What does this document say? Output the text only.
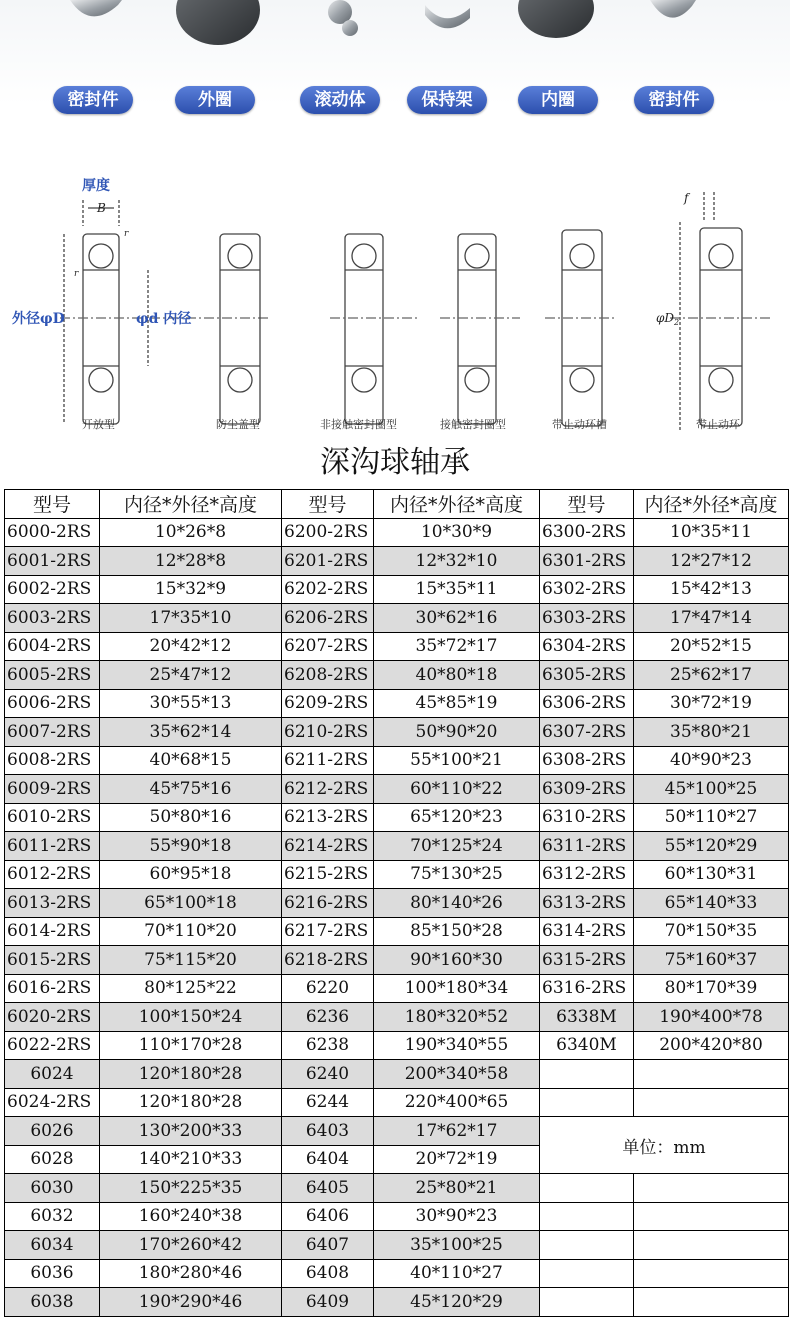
密封件	外圈	滚动体	保持架	内圈	密封件
厚度
B
r
r
外径φD	φd 内径	$\varphi D_2$
f
开放型	防尘盖型	非接触密封圈型	接触密封圈型	带止动环槽	带止动环
深沟球轴承
型号	内径*外径*高度	型号	内径*外径*高度	型号	内径*外径*高度
6000-2RS	10*26*8	6200-2RS	10*30*9	6300-2RS	10*35*11
6001-2RS	12*28*8	6201-2RS	12*32*10	6301-2RS	12*27*12
6002-2RS	15*32*9	6202-2RS	15*35*11	6302-2RS	15*42*13
6003-2RS	17*35*10	6206-2RS	30*62*16	6303-2RS	17*47*14
6004-2RS	20*42*12	6207-2RS	35*72*17	6304-2RS	20*52*15
6005-2RS	25*47*12	6208-2RS	40*80*18	6305-2RS	25*62*17
6006-2RS	30*55*13	6209-2RS	45*85*19	6306-2RS	30*72*19
6007-2RS	35*62*14	6210-2RS	50*90*20	6307-2RS	35*80*21
6008-2RS	40*68*15	6211-2RS	55*100*21	6308-2RS	40*90*23
6009-2RS	45*75*16	6212-2RS	60*110*22	6309-2RS	45*100*25
6010-2RS	50*80*16	6213-2RS	65*120*23	6310-2RS	50*110*27
6011-2RS	55*90*18	6214-2RS	70*125*24	6311-2RS	55*120*29
6012-2RS	60*95*18	6215-2RS	75*130*25	6312-2RS	60*130*31
6013-2RS	65*100*18	6216-2RS	80*140*26	6313-2RS	65*140*33
6014-2RS	70*110*20	6217-2RS	85*150*28	6314-2RS	70*150*35
6015-2RS	75*115*20	6218-2RS	90*160*30	6315-2RS	75*160*37
6016-2RS	80*125*22	6220	100*180*34	6316-2RS	80*170*39
6020-2RS	100*150*24	6236	180*320*52	6338M	190*400*78
6022-2RS	110*170*28	6238	190*340*55	6340M	200*420*80
6024	120*180*28	6240	200*340*58		
6024-2RS	120*180*28	6244	220*400*65		
6026	130*200*33	6403	17*62*17	单位：mm	
6028	140*210*33	6404	20*72*19		
6030	150*225*35	6405	25*80*21		
6032	160*240*38	6406	30*90*23		
6034	170*260*42	6407	35*100*25		
6036	180*280*46	6408	40*110*27		
6038	190*290*46	6409	45*120*29		
